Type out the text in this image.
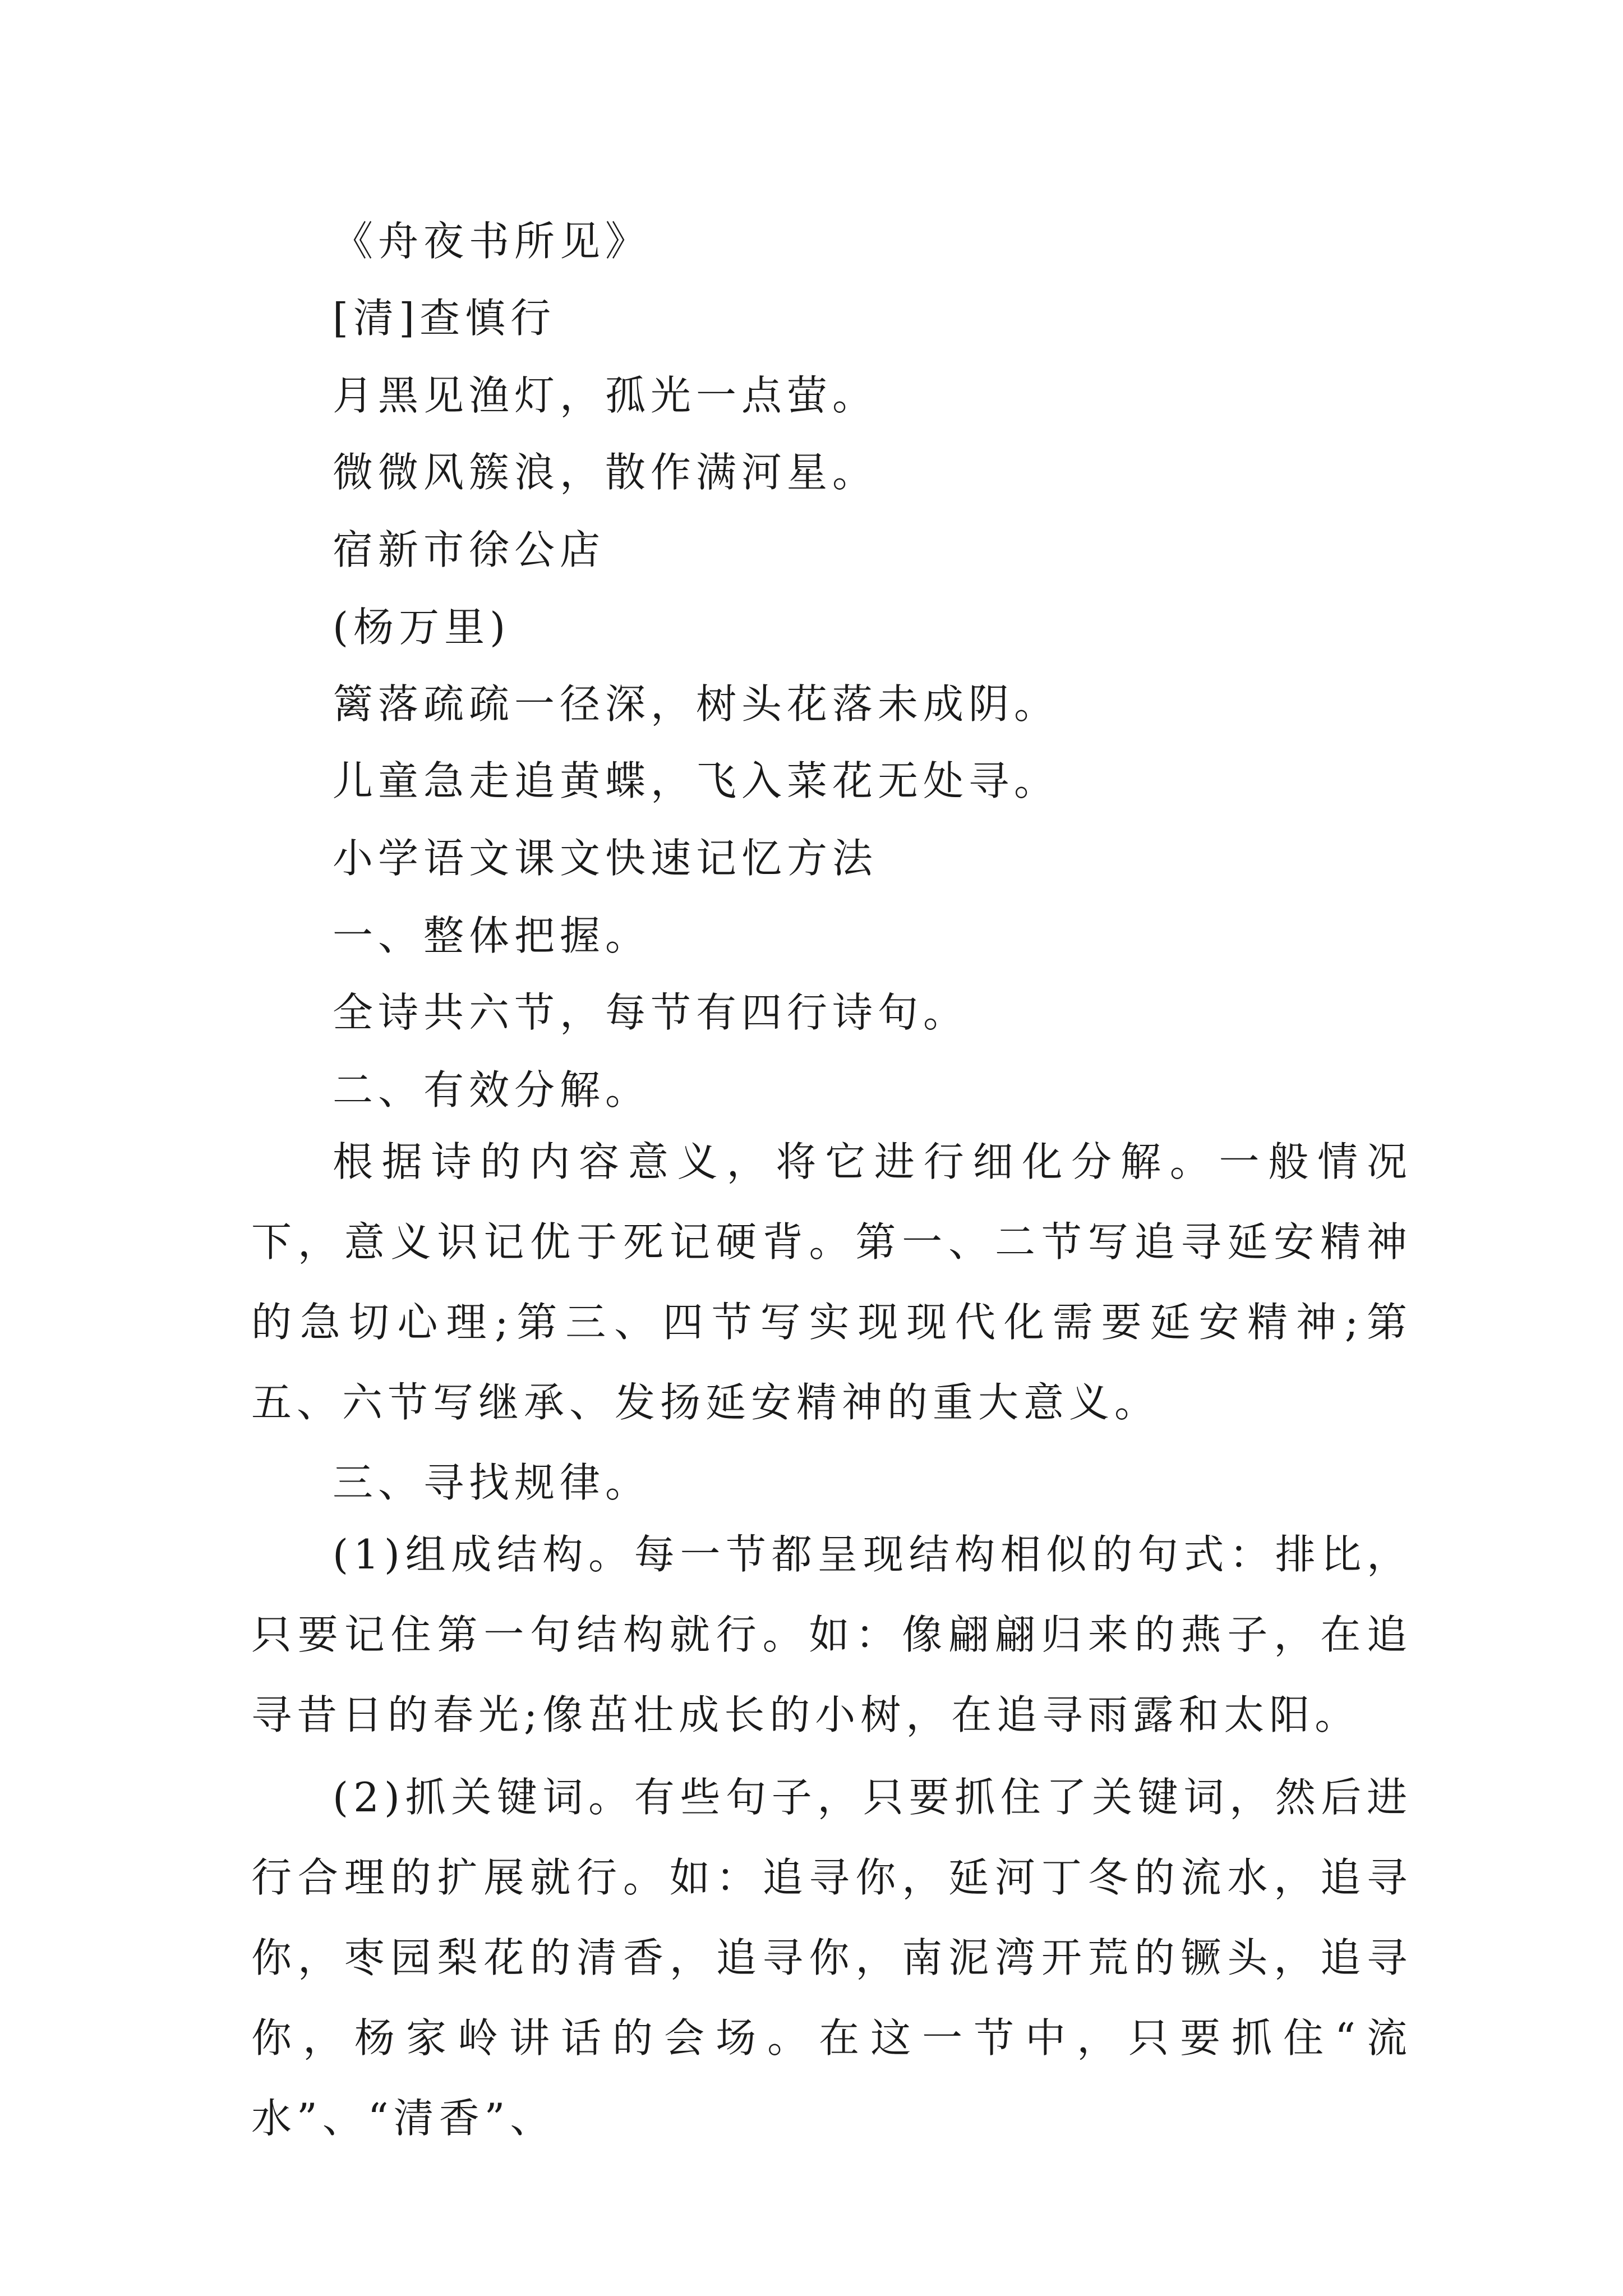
《舟夜书所见》
[清]查慎行
月黑见渔灯，孤光一点萤。
微微风簇浪，散作满河星。
宿新市徐公店
(杨万里)
篱落疏疏一径深，树头花落未成阴。
儿童急走追黄蝶，飞入菜花无处寻。
小学语文课文快速记忆方法
一、整体把握。
全诗共六节，每节有四行诗句。
二、有效分解。
根据诗的内容意义，将它进行细化分解。一般情况下，意义识记优于死记硬背。第一、二节写追寻延安精神的急切心理;第三、四节写实现现代化需要延安精神;第五、六节写继承、发扬延安精神的重大意义。
三、寻找规律。
(1)组成结构。每一节都呈现结构相似的句式：排比，只要记住第一句结构就行。如：像翩翩归来的燕子，在追寻昔日的春光;像茁壮成长的小树，在追寻雨露和太阳。
(2)抓关键词。有些句子，只要抓住了关键词，然后进行合理的扩展就行。如：追寻你，延河丁冬的流水，追寻你，枣园梨花的清香，追寻你，南泥湾开荒的镢头，追寻你，杨家岭讲话的会场。在这一节中，只要抓住“流水”、“清香”、
